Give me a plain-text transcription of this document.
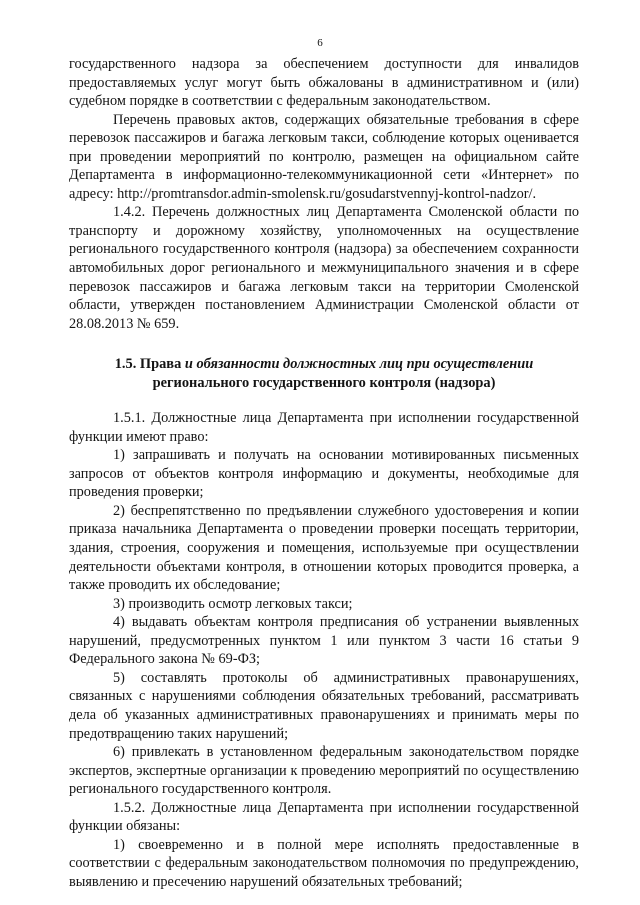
6

государственного надзора за обеспечением доступности для инвалидов предоставляемых услуг могут быть обжалованы в административном и (или) судебном порядке в соответствии с федеральным законодательством.

Перечень правовых актов, содержащих обязательные требования в сфере перевозок пассажиров и багажа легковым такси, соблюдение которых оценивается при проведении мероприятий по контролю, размещен на официальном сайте Департамента в информационно-телекоммуникационной сети «Интернет» по адресу: http://promtransdor.admin-smolensk.ru/gosudarstvennyj-kontrol-nadzor/.

1.4.2. Перечень должностных лиц Департамента Смоленской области по транспорту и дорожному хозяйству, уполномоченных на осуществление регионального государственного контроля (надзора) за обеспечением сохранности автомобильных дорог регионального и межмуниципального значения и в сфере перевозок пассажиров и багажа легковым такси на территории Смоленской области, утвержден постановлением Администрации Смоленской области от 28.08.2013 № 659.

1.5. Права и обязанности должностных лиц при осуществлении
регионального государственного контроля (надзора)

1.5.1. Должностные лица Департамента при исполнении государственной функции имеют право:

1) запрашивать и получать на основании мотивированных письменных запросов от объектов контроля информацию и документы, необходимые для проведения проверки;

2) беспрепятственно по предъявлении служебного удостоверения и копии приказа начальника Департамента о проведении проверки посещать территории, здания, строения, сооружения и помещения, используемые при осуществлении деятельности объектами контроля, в отношении которых проводится проверка, а также проводить их обследование;

3) производить осмотр легковых такси;

4) выдавать объектам контроля предписания об устранении выявленных нарушений, предусмотренных пунктом 1 или пунктом 3 части 16 статьи 9 Федерального закона № 69-ФЗ;

5) составлять протоколы об административных правонарушениях, связанных с нарушениями соблюдения обязательных требований, рассматривать дела об указанных административных правонарушениях и принимать меры по предотвращению таких нарушений;

6) привлекать в установленном федеральным законодательством порядке экспертов, экспертные организации к проведению мероприятий по осуществлению регионального государственного контроля.

1.5.2. Должностные лица Департамента при исполнении государственной функции обязаны:

1) своевременно и в полной мере исполнять предоставленные в соответствии с федеральным законодательством полномочия по предупреждению, выявлению и пресечению нарушений обязательных требований;
